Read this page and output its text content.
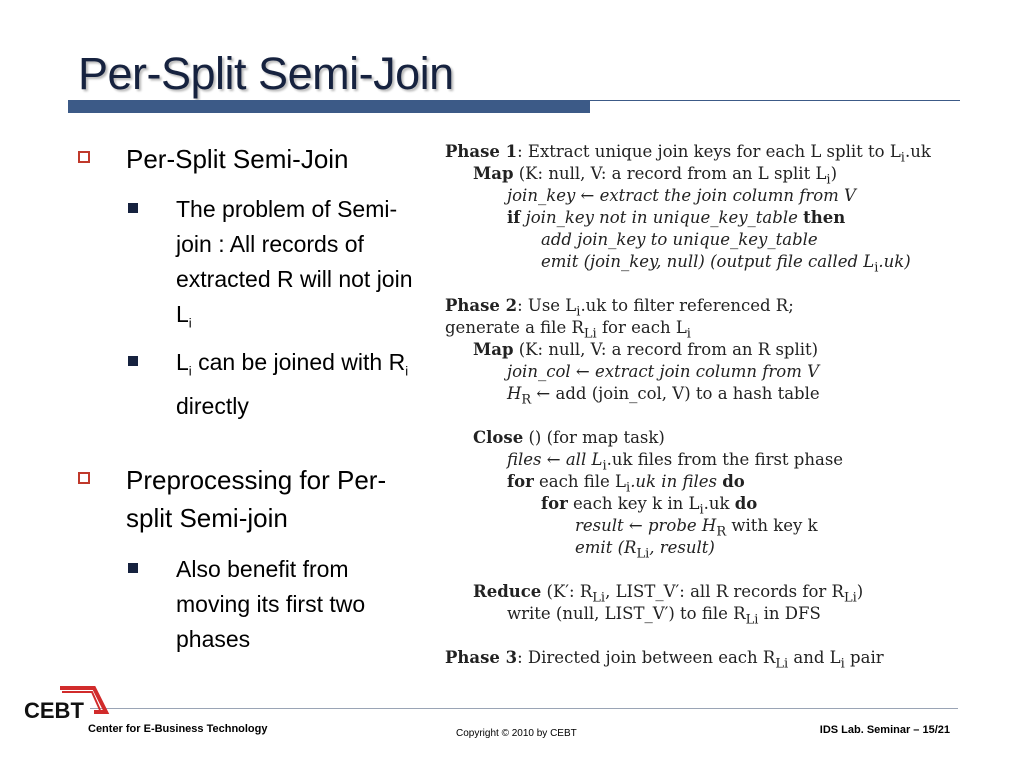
Per-Split Semi-Join
Per-Split Semi-Join
The problem of Semi-join : All records of extracted R will not join $L_i$
$L_i$ can be joined with $R_i$ directly
Preprocessing for Per-split Semi-join
Also benefit from moving its first two phases
Phase 1: Extract unique join keys for each L split to $L_i.uk$
Map (K: null, V: a record from an L split $L_i$)
join_key ← extract the join column from V
if join_key not in unique_key_table then
add join_key to unique_key_table
emit (join_key, null) (output file called $L_i.uk$)
Phase 2: Use $L_i.uk$ to filter referenced R;
generate a file $R_{Li}$ for each $L_i$
Map (K: null, V: a record from an R split)
join_col ← extract join column from V
$H_R$ ← add (join_col, V) to a hash table
Close () (for map task)
files ← all $L_i.uk$ files from the first phase
for each file $L_i.uk$ in files do
for each key k in $L_i.uk$ do
result ← probe $H_R$ with key k
emit ($R_{Li}$, result)
Reduce (K′: $R_{Li}$, LIST_V′: all R records for $R_{Li}$)
write (null, LIST_V′) to file $R_{Li}$ in DFS
Phase 3: Directed join between each $R_{Li}$ and $L_i$ pair
CEBT
Center for E-Business Technology	Copyright © 2010 by CEBT	IDS Lab. Seminar – 15/21
